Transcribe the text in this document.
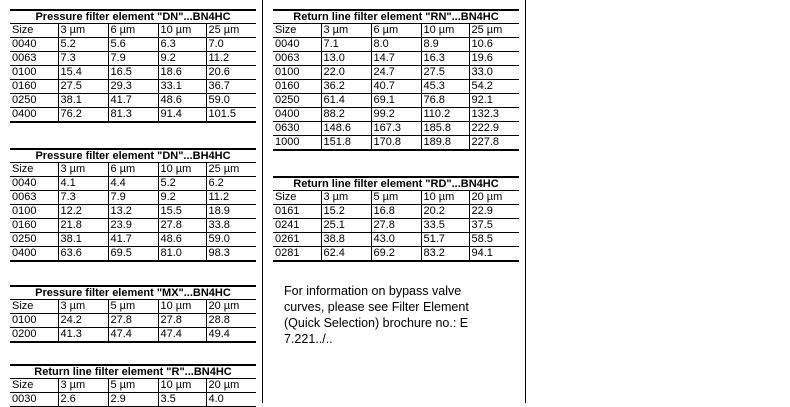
Pressure filter element "DN"...BN4HC				
Size	3 µm	6 µm	10 µm	25 µm
0040	5.2	5.6	6.3	7.0
0063	7.3	7.9	9.2	11.2
0100	15.4	16.5	18.6	20.6
0160	27.5	29.3	33.1	36.7
0250	38.1	41.7	48.6	59.0
0400	76.2	81.3	91.4	101.5
Pressure filter element "DN"...BH4HC				
Size	3 µm	6 µm	10 µm	25 µm
0040	4.1	4.4	5.2	6.2
0063	7.3	7.9	9.2	11.2
0100	12.2	13.2	15.5	18.9
0160	21.8	23.9	27.8	33.8
0250	38.1	41.7	48.6	59.0
0400	63.6	69.5	81.0	98.3
Pressure filter element "MX"...BN4HC				
Size	3 µm	5 µm	10 µm	20 µm
0100	24.2	27.8	27.8	28.8
0200	41.3	47.4	47.4	49.4
Return line filter element "R"...BN4HC				
Size	3 µm	5 µm	10 µm	20 µm
0030	2.6	2.9	3.5	4.0
Return line filter element "RN"...BN4HC				
Size	3 µm	6 µm	10 µm	25 µm
0040	7.1	8.0	8.9	10.6
0063	13.0	14.7	16.3	19.6
0100	22.0	24.7	27.5	33.0
0160	36.2	40.7	45.3	54.2
0250	61.4	69.1	76.8	92.1
0400	88.2	99.2	110.2	132.3
0630	148.6	167.3	185.8	222.9
1000	151.8	170.8	189.8	227.8
Return line filter element "RD"...BN4HC				
Size	3 µm	5 µm	10 µm	20 µm
0161	15.2	16.8	20.2	22.9
0241	25.1	27.8	33.5	37.5
0261	38.8	43.0	51.7	58.5
0281	62.4	69.2	83.2	94.1
For information on bypass valve curves, please see Filter Element (Quick Selection) brochure no.: E 7.221../..
